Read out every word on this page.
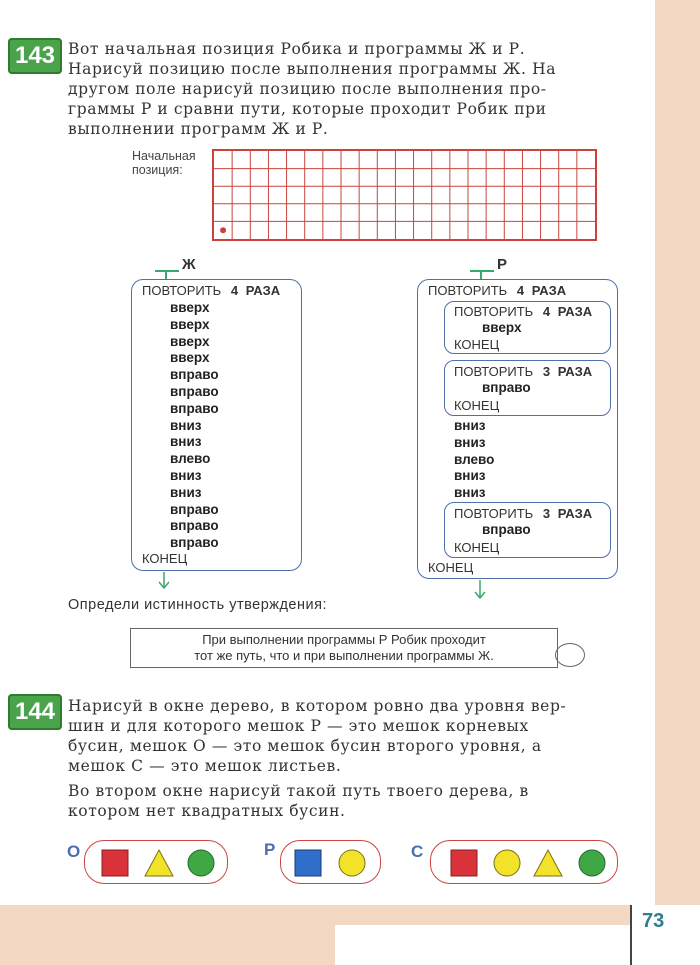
73
143 Вот начальная позиция Робика и программы Ж и Р.

Нарисуй позицию после выполнения программы Ж. На

другом поле нарисуй позицию после выполнения про-

граммы Р и сравни пути, которые проходит Робик при

выполнении программ Ж и Р.

Начальная
позиция:
Ж
ПОВТОРИТЬ 4 РАЗА
вверх
вверх
вверх
вверх
вправо
вправо
вправо
вниз
вниз
влево
вниз
вниз
вправо
вправо
вправо
КОНЕЦ
Р
ПОВТОРИТЬ 4 РАЗА
ПОВТОРИТЬ 4 РАЗА
вверх
КОНЕЦ
ПОВТОРИТЬ 3 РАЗА
вправо
КОНЕЦ
вниз
вниз
влево
вниз
вниз
ПОВТОРИТЬ 3 РАЗА
вправо
КОНЕЦ
КОНЕЦ
Определи истинность утверждения:
При выполнении программы Р Робик проходит
тот же путь, что и при выполнении программы Ж.
144 Нарисуй в окне дерево, в котором ровно два уровня вер-

шин и для которого мешок Р — это мешок корневых

бусин, мешок О — это мешок бусин второго уровня, а

мешок С — это мешок листьев.

Во втором окне нарисуй такой путь твоего дерева, в

котором нет квадратных бусин.

О	Р	С
